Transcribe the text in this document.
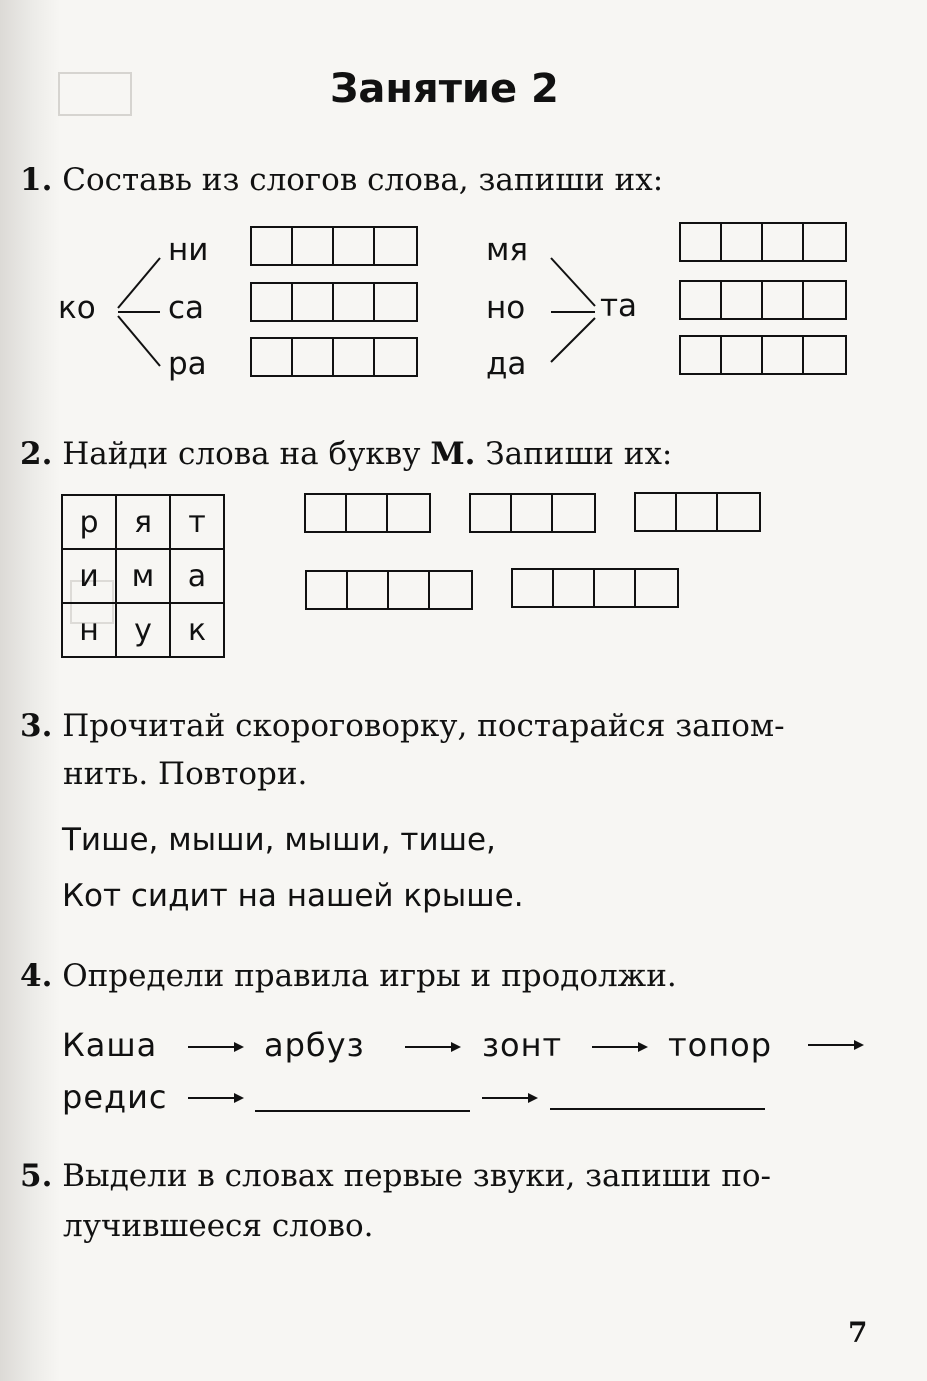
Занятие 2
1. Составь из слогов слова, запиши их:
ко
ни
са
ра
мя
но
да
та
2. Найди слова на букву М. Запиши их:
р	я	т
и	м	а
н	у	к
3. Прочитай скороговорку, постарайся запом-
нить. Повтори.
Тише, мыши, мыши, тише,
Кот сидит на нашей крыше.
4. Определи правила игры и продолжи.
Каша	арбуз	зонт	топор
редис
5. Выдели в словах первые звуки, запиши по-
лучившееся слово.
7
